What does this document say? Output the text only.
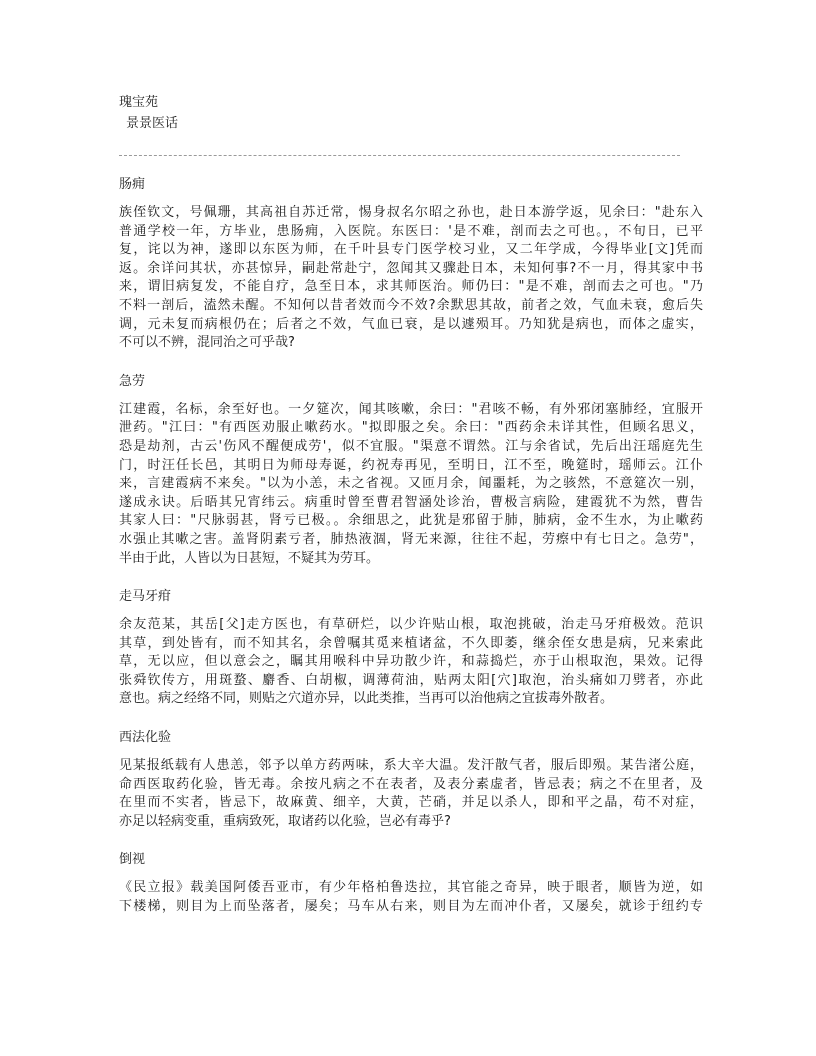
瑰宝苑
景景医话
肠痈
族侄钦文，号佩珊，其高祖自苏迁常，惕身叔名尔昭之孙也，赴日本游学返，见余曰："赴东入
普通学校一年，方毕业，患肠痈，入医院。东医曰：'是不难，剖而去之可也。，不旬日，已平
复，诧以为神，遂即以东医为师，在千叶县专门医学校习业，又二年学成，今得毕业[文]凭而
返。余详问其状，亦甚惊异，嗣赴常赴宁，忽闻其又骤赴日本，未知何事?不一月，得其家中书
来，谓旧病复发，不能自疗，急至日本，求其师医治。师仍曰："是不难，剖而去之可也。"乃
不料一剖后，溘然未醒。不知何以昔者效而今不效?余默思其故，前者之效，气血未衰，愈后失
调，元未复而病根仍在；后者之不效，气血已衰，是以遽殒耳。乃知犹是病也，而体之虚实，
不可以不辨，混同治之可乎哉?
急劳
江建霞，名标，余至好也。一夕筵次，闻其咳嗽，余曰："君咳不畅，有外邪闭塞肺经，宜服开
泄药。"江曰："有西医劝服止嗽药水。"拟即服之矣。余曰："西药余未详其性，但顾名思义，
恐是劫剂，古云'伤风不醒便成劳'，似不宜服。"渠意不谓然。江与余省试，先后出汪瑶庭先生
门，时汪任长邑，其明日为师母寿诞，约祝寿再见，至明日，江不至，晚筵时，瑶师云。江仆
来，言建霞病不来矣。"以为小恙，未之省视。又匝月余，闻噩耗，为之骇然，不意筵次一别，
遂成永诀。后晤其兄宵纬云。病重时曾至曹君智涵处诊治，曹极言病险，建霞犹不为然，曹告
其家人曰："尺脉弱甚，肾亏已极。。余细思之，此犹是邪留于肺，肺病，金不生水，为止嗽药
水强止其嗽之害。盖肾阴素亏者，肺热液涸，肾无来源，往往不起，劳瘵中有七日之。急劳"，
半由于此，人皆以为日甚短，不疑其为劳耳。
走马牙疳
余友范某，其岳[父]走方医也，有草研烂，以少许贴山根，取泡挑破，治走马牙疳极效。范识
其草，到处皆有，而不知其名，余曾嘱其觅来植诸盆，不久即萎，继余侄女患是病，兄来索此
草，无以应，但以意会之，瞩其用喉科中异功散少许，和蒜捣烂，亦于山根取泡，果效。记得
张舜钦传方，用斑蝥、麝香、白胡椒，调薄荷油，贴两太阳[穴]取泡，治头痛如刀劈者，亦此
意也。病之经络不同，则贴之穴道亦异，以此类推，当再可以治他病之宜拔毒外散者。
西法化验
见某报纸载有人患恙，邻予以单方药两味，系大辛大温。发汗散气者，服后即殒。某告渚公庭，
命西医取药化验，皆无毒。余按凡病之不在表者，及表分素虚者，皆忌表；病之不在里者，及
在里而不实者，皆忌下，故麻黄、细辛，大黄，芒硝，并足以杀人，即和平之晶，苟不对症，
亦足以轻病变重，重病致死，取诸药以化验，岂必有毒乎?
倒视
《民立报》载美国阿倭吾亚市，有少年格柏鲁迭拉，其官能之奇异，映于眼者，顺皆为逆，如
下楼梯，则目为上而坠落者，屡矣；马车从右来，则目为左而冲仆者，又屡矣，就诊于纽约专
